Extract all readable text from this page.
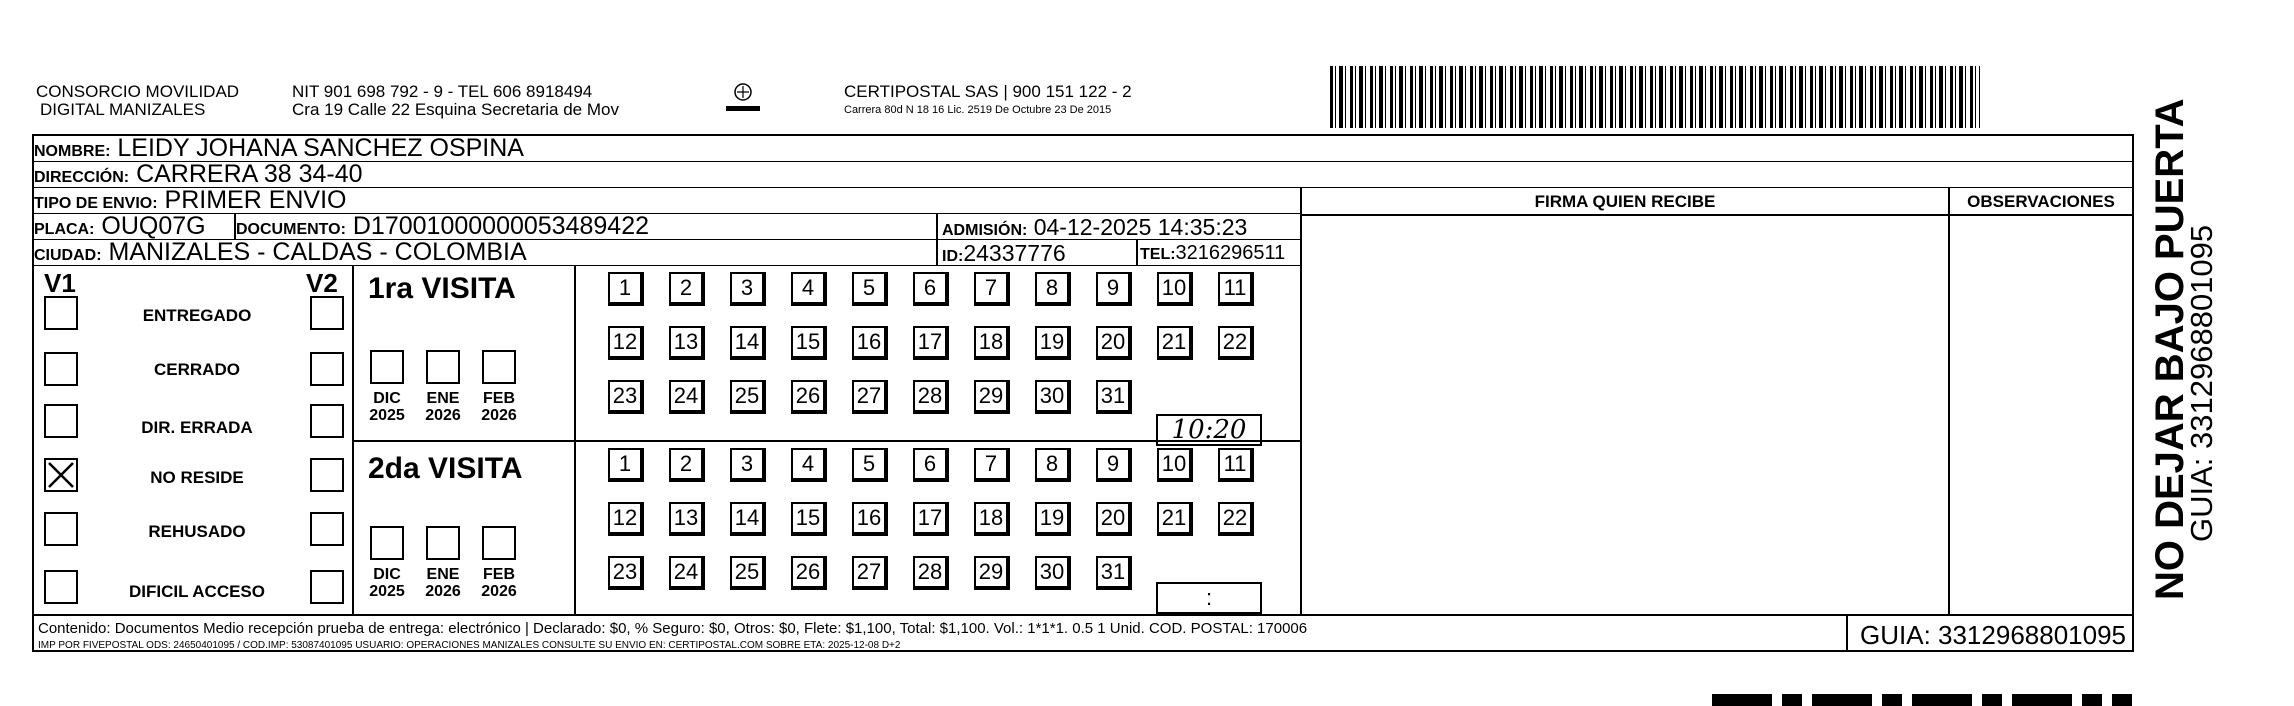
CONSORCIO MOVILIDAD
DIGITAL MANIZALES
NIT 901 698 792 - 9 - TEL 606 8918494
Cra 19 Calle 22 Esquina Secretaria de Mov
CERTIPOSTAL SAS | 900 151 122 - 2
Carrera 80d N 18 16 Lic. 2519 De Octubre 23 De 2015
NOMBRE: LEIDY JOHANA SANCHEZ OSPINA
DIRECCIÓN: CARRERA 38 34-40
TIPO DE ENVIO: PRIMER ENVIO
PLACA: OUQ07G	DOCUMENTO: D17001000000053489422	ADMISIÓN: 04-12-2025 14:35:23
CIUDAD: MANIZALES - CALDAS - COLOMBIA	ID:24337776	TEL:3216296511
FIRMA QUIEN RECIBE	OBSERVACIONES
V1	V2
ENTREGADO
CERRADO
DIR. ERRADA
NO RESIDE
REHUSADO
DIFICIL ACCESO
1ra VISITA
DIC
2025
ENE
2026
FEB
2026
2da VISITA
DIC
2025
ENE
2026
FEB
2026
1	2	3	4	5	6	7	8	9	10	11
12	13	14	15	16	17	18	19	20	21	22
23	24	25	26	27	28	29	30	31
1	2	3	4	5	6	7	8	9	10	11
12	13	14	15	16	17	18	19	20	21	22
23	24	25	26	27	28	29	30	31
10:20
:
Contenido: Documentos Medio recepción prueba de entrega: electrónico | Declarado: $0, % Seguro: $0, Otros: $0, Flete: $1,100, Total: $1,100. Vol.: 1*1*1. 0.5 1 Unid. COD. POSTAL: 170006
IMP POR FIVEPOSTAL ODS: 24650401095 / COD.IMP: 53087401095 USUARIO: OPERACIONES MANIZALES CONSULTE SU ENVIO EN: CERTIPOSTAL.COM SOBRE ETA: 2025-12-08 D+2	GUIA: 3312968801095
NO DEJAR BAJO PUERTA
GUIA: 3312968801095
